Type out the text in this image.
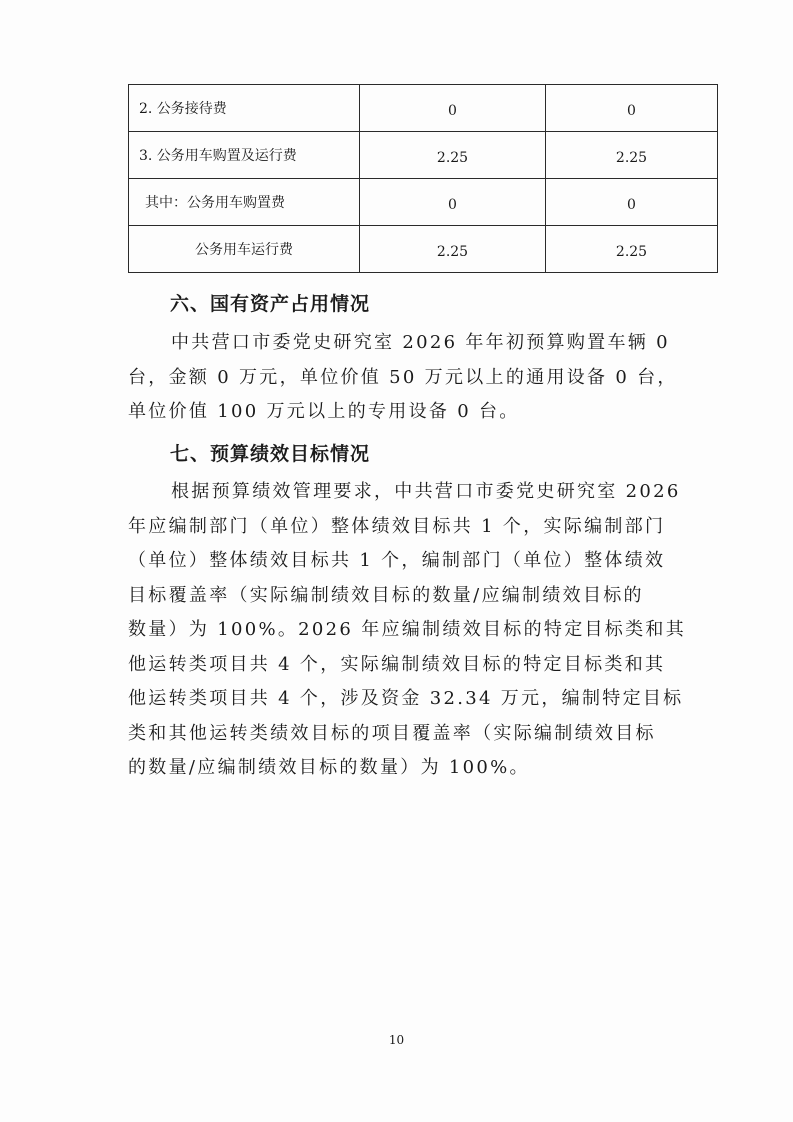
2. 公务接待费	0	0
3. 公务用车购置及运行费	2.25	2.25
其中：公务用车购置费	0	0
公务用车运行费	2.25	2.25
六、国有资产占用情况
中共营口市委党史研究室 2026 年年初预算购置车辆 0
台，金额 0 万元，单位价值 50 万元以上的通用设备 0 台，
单位价值 100 万元以上的专用设备 0 台。
七、预算绩效目标情况
根据预算绩效管理要求，中共营口市委党史研究室 2026
年应编制部门（单位）整体绩效目标共 1 个，实际编制部门
（单位）整体绩效目标共 1 个，编制部门（单位）整体绩效
目标覆盖率（实际编制绩效目标的数量/应编制绩效目标的
数量）为 100%。2026 年应编制绩效目标的特定目标类和其
他运转类项目共 4 个，实际编制绩效目标的特定目标类和其
他运转类项目共 4 个，涉及资金 32.34 万元，编制特定目标
类和其他运转类绩效目标的项目覆盖率（实际编制绩效目标
的数量/应编制绩效目标的数量）为 100%。
10
